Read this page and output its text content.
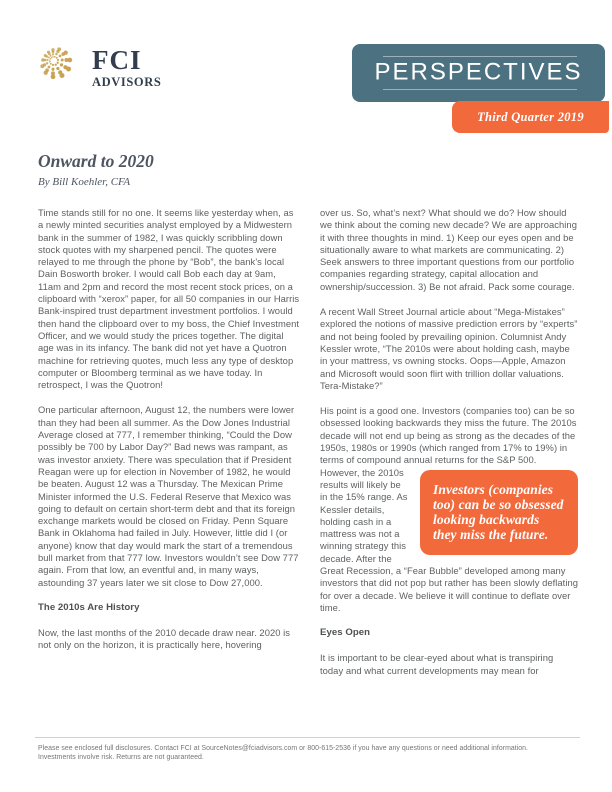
FCI
ADVISORS	PERSPECTIVES
Third Quarter 2019
Onward to 2020
By Bill Koehler, CFA

Time stands still for no one. It seems like yesterday when, as a newly minted securities analyst employed by a Midwestern bank in the summer of 1982, I was quickly scribbling down stock quotes with my sharpened pencil. The quotes were relayed to me through the phone by “Bob”, the bank’s local Dain Bosworth broker. I would call Bob each day at 9am, 11am and 2pm and record the most recent stock prices, on a clipboard with “xerox” paper, for all 50 companies in our Harris Bank-inspired trust department investment portfolios. I would then hand the clipboard over to my boss, the Chief Investment Officer, and we would study the prices together. The digital age was in its infancy. The bank did not yet have a Quotron machine for retrieving quotes, much less any type of desktop computer or Bloomberg terminal as we have today. In retrospect, I was the Quotron!

One particular afternoon, August 12, the numbers were lower than they had been all summer. As the Dow Jones Industrial Average closed at 777, I remember thinking, “Could the Dow possibly be 700 by Labor Day?” Bad news was rampant, as was investor anxiety. There was speculation that if President Reagan were up for election in November of 1982, he would be beaten. August 12 was a Thursday. The Mexican Prime Minister informed the U.S. Federal Reserve that Mexico was going to default on certain short-term debt and that its foreign exchange markets would be closed on Friday. Penn Square Bank in Oklahoma had failed in July. However, little did I (or anyone) know that day would mark the start of a tremendous bull market from that 777 low. Investors wouldn’t see Dow 777 again. From that low, an eventful and, in many ways, astounding 37 years later we sit close to Dow 27,000.

The 2010s Are History

Now, the last months of the 2010 decade draw near. 2020 is not only on the horizon, it is practically here, hovering

over us. So, what’s next? What should we do? How should we think about the coming new decade? We are approaching it with three thoughts in mind. 1) Keep our eyes open and be situationally aware to what markets are communicating. 2) Seek answers to three important questions from our portfolio companies regarding strategy, capital allocation and ownership/succession. 3) Be not afraid. Pack some courage.

A recent Wall Street Journal article about “Mega-Mistakes” explored the notions of massive prediction errors by “experts” and not being fooled by prevailing opinion. Columnist Andy Kessler wrote, “The 2010s were about holding cash, maybe in your mattress, vs owning stocks. Oops—Apple, Amazon and Microsoft would soon flirt with trillion dollar valuations. Tera-Mistake?”

His point is a good one. Investors (companies too) can be so obsessed looking backwards they miss the future. The 2010s decade will not end up being as strong as the decades of the 1950s, 1980s or 1990s (which ranged from 17% to 19%) in terms of compound annual returns for the
Investors (companies too) can be so obsessed looking backwards they miss the future.
S&P 500. However, the 2010s results will likely be in the 15% range. As Kessler details, holding cash in a mattress was not a winning strategy this decade. After the Great Recession, a “Fear Bubble” developed among many investors that did not pop but rather has been slowly deflating for over a decade. We believe it will continue to deflate over time.

Eyes Open

It is important to be clear-eyed about what is transpiring today and what current developments may mean for

Please see enclosed full disclosures. Contact FCI at SourceNotes@fciadvisors.com or 800-615-2536 if you have any questions or need additional information.
Investments involve risk. Returns are not guaranteed.
